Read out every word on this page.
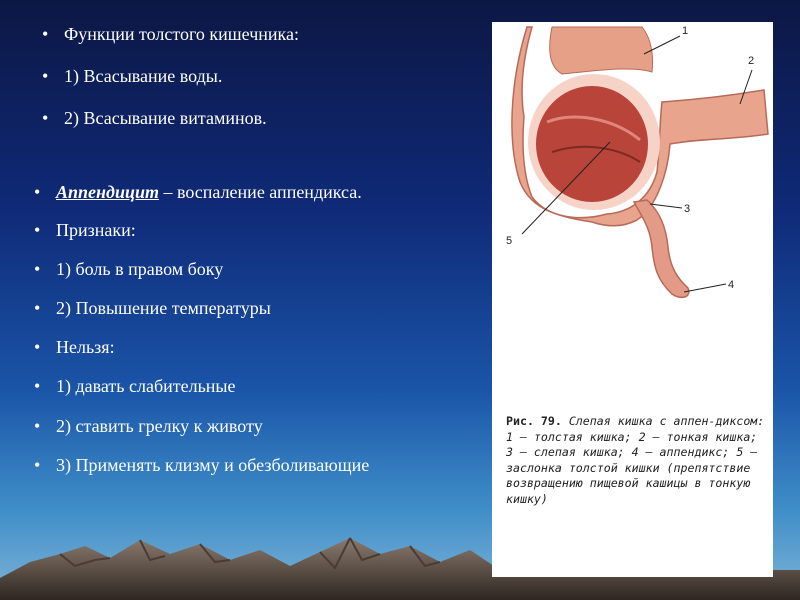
• Функции толстого кишечника:
• 1) Всасывание воды.
• 2) Всасывание витаминов.
• Аппендицит – воспаление аппендикса.
• Признаки:
• 1) боль в правом боку
• 2) Повышение температуры
• Нельзя:
• 1) давать слабительные
• 2) ставить грелку к животу
• 3) Применять клизму и обезболивающие
1
2
3
4
5
Рис. 79. Слепая кишка с аппен-диксом: 1 — толстая кишка; 2 — тонкая кишка; 3 — слепая кишка; 4 — аппендикс; 5 — заслонка толстой кишки (препятствие возвращению пищевой кашицы в тонкую кишку)
